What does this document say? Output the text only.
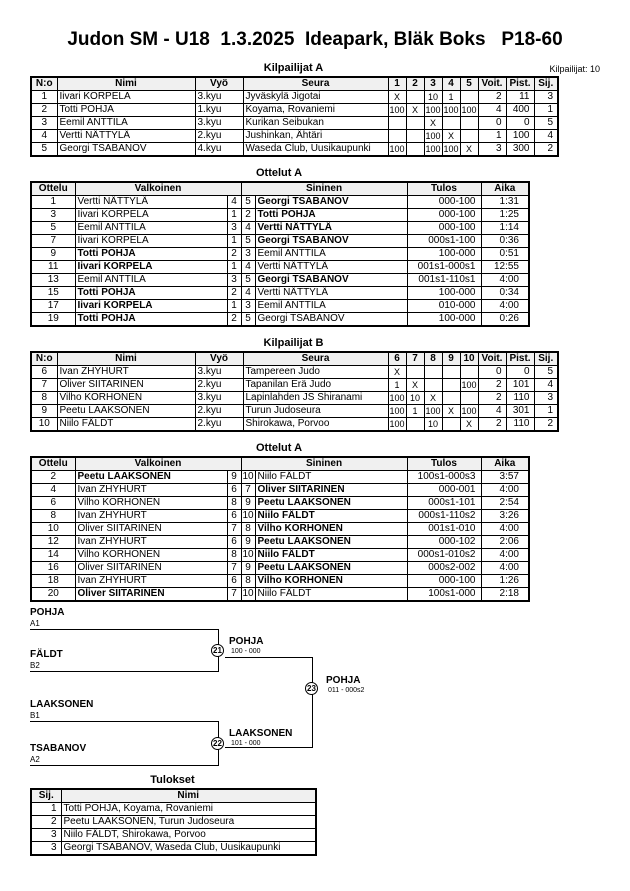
Judon SM - U18  1.3.2025  Ideapark, Bläk Boks   P18-60
Kilpailijat: 10
Kilpailijat A
N:o	Nimi	Vyö	Seura	1	2	3	4	5	Voit.	Pist.	Sij.
1	Iivari KORPELA	3.kyu	Jyväskylä Jigotai	X		10	1		2	11	3
2	Totti POHJA	1.kyu	Koyama, Rovaniemi	100	X	100	100	100	4	400	1
3	Eemil ANTTILA	3.kyu	Kurikan Seibukan			X			0	0	5
4	Vertti NÄTTYLÄ	2.kyu	Jushinkan, Ähtäri			100	X		1	100	4
5	Georgi TSABANOV	4.kyu	Waseda Club, Uusikaupunki	100		100	100	X	3	300	2
Ottelut A
Ottelu	Valkoinen		Sininen		Tulos	Aika
1	Vertti NÄTTYLÄ	4	5	Georgi TSABANOV	000-100	1:31
3	Iivari KORPELA	1	2	Totti POHJA	000-100	1:25
5	Eemil ANTTILA	3	4	Vertti NÄTTYLÄ	000-100	1:14
7	Iivari KORPELA	1	5	Georgi TSABANOV	000s1-100	0:36
9	Totti POHJA	2	3	Eemil ANTTILA	100-000	0:51
11	Iivari KORPELA	1	4	Vertti NÄTTYLÄ	001s1-000s1	12:55
13	Eemil ANTTILA	3	5	Georgi TSABANOV	001s1-110s1	4:00
15	Totti POHJA	2	4	Vertti NÄTTYLÄ	100-000	0:34
17	Iivari KORPELA	1	3	Eemil ANTTILA	010-000	4:00
19	Totti POHJA	2	5	Georgi TSABANOV	100-000	0:26
Kilpailijat B
N:o	Nimi	Vyö	Seura	6	7	8	9	10	Voit.	Pist.	Sij.
6	Ivan ZHYHURT	3.kyu	Tampereen Judo	X					0	0	5
7	Oliver SIITARINEN	2.kyu	Tapanilan Erä Judo	1	X			100	2	101	4
8	Vilho KORHONEN	3.kyu	Lapinlahden JS Shiranami	100	10	X			2	110	3
9	Peetu LAAKSONEN	2.kyu	Turun Judoseura	100	1	100	X	100	4	301	1
10	Niilo FÄLDT	2.kyu	Shirokawa, Porvoo	100		10		X	2	110	2
Ottelut A
Ottelu	Valkoinen		Sininen		Tulos	Aika
2	Peetu LAAKSONEN	9	10	Niilo FÄLDT	100s1-000s3	3:57
4	Ivan ZHYHURT	6	7	Oliver SIITARINEN	000-001	4:00
6	Vilho KORHONEN	8	9	Peetu LAAKSONEN	000s1-101	2:54
8	Ivan ZHYHURT	6	10	Niilo FÄLDT	000s1-110s2	3:26
10	Oliver SIITARINEN	7	8	Vilho KORHONEN	001s1-010	4:00
12	Ivan ZHYHURT	6	9	Peetu LAAKSONEN	000-102	2:06
14	Vilho KORHONEN	8	10	Niilo FÄLDT	000s1-010s2	4:00
16	Oliver SIITARINEN	7	9	Peetu LAAKSONEN	000s2-002	4:00
18	Ivan ZHYHURT	6	8	Vilho KORHONEN	000-100	1:26
20	Oliver SIITARINEN	7	10	Niilo FÄLDT	100s1-000	2:18
POHJA
A1
FÄLDT
B2
21
POHJA
100 - 000
23
POHJA
011 - 000s2
LAAKSONEN
B1
TSABANOV
A2
22
LAAKSONEN
101 - 000
Tulokset
Sij.	Nimi
1	Totti POHJA, Koyama, Rovaniemi
2	Peetu LAAKSONEN, Turun Judoseura
3	Niilo FÄLDT, Shirokawa, Porvoo
3	Georgi TSABANOV, Waseda Club, Uusikaupunki
